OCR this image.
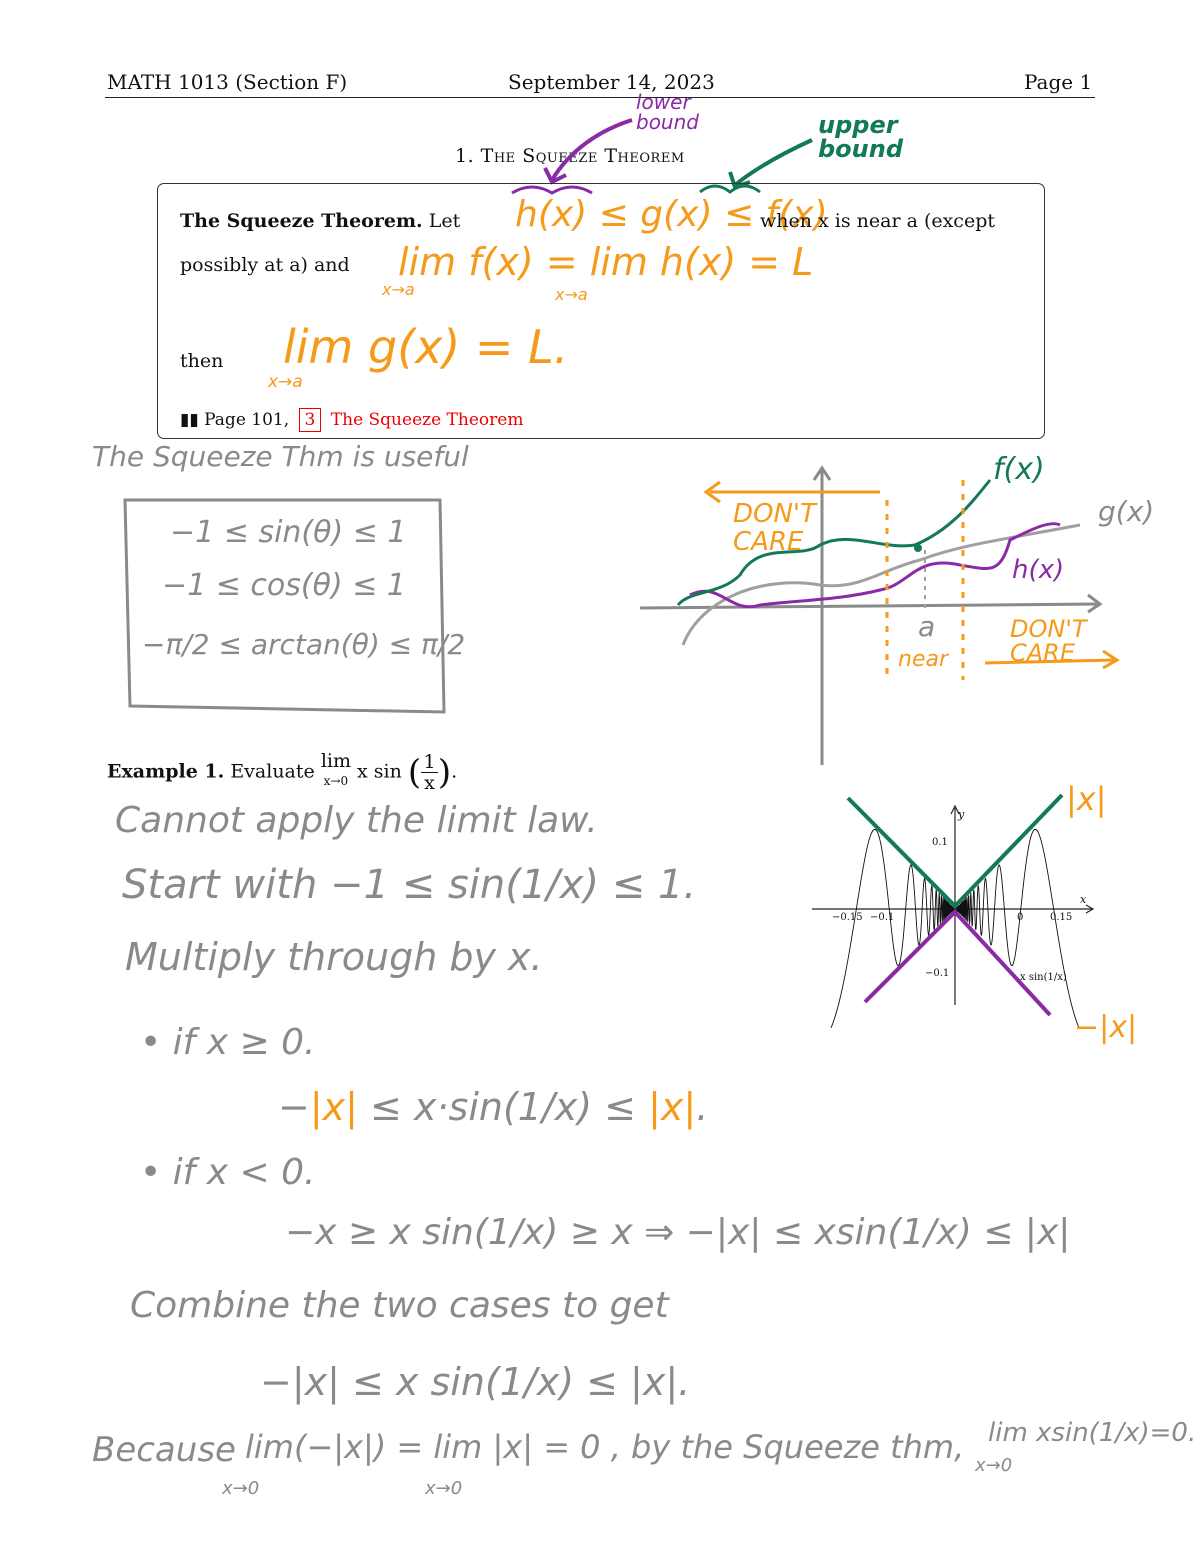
MATH 1013 (Section F)	September 14, 2023	Page 1
1. The Squeeze Theorem
lower
bound	upper
bound
The Squeeze Theorem. Let h(x) ≤ g(x) ≤ f(x)
when x is near a (except
possibly at a) and lim f(x) = lim h(x) = L
x→a	x→a
then lim g(x) = L.
x→a
▮▮ Page 101, 3 The Squeeze Theorem
The Squeeze Thm is useful
−1 ≤ sin(θ) ≤ 1
−1 ≤ cos(θ) ≤ 1
−π/2 ≤ arctan(θ) ≤ π/2
DON'T
CARE
DON'T
CARE
a
near
f(x)
g(x)
h(x)
Example 1. Evaluate lim
x→0 x $\sin (\frac{1}{x})$.
Cannot apply the limit law.
Start with −1 ≤ sin(1/x) ≤ 1.
Multiply through by x.
• if x ≥ 0.
−|x| ≤ x·sin(1/x) ≤ |x|.
• if x < 0.
−x ≥ x sin(1/x) ≥ x ⇒ −|x| ≤ xsin(1/x) ≤ |x|
Combine the two cases to get
−|x| ≤ x sin(1/x) ≤ |x|.
Because lim(−|x|) = lim |x| = 0 , by the Squeeze thm, lim xsin(1/x)=0.
x→0	x→0
x→0
|x|
−|x|
y
x
0.1
−0.1
−0.15 −0.1	0	0.15
x sin(1/x)
